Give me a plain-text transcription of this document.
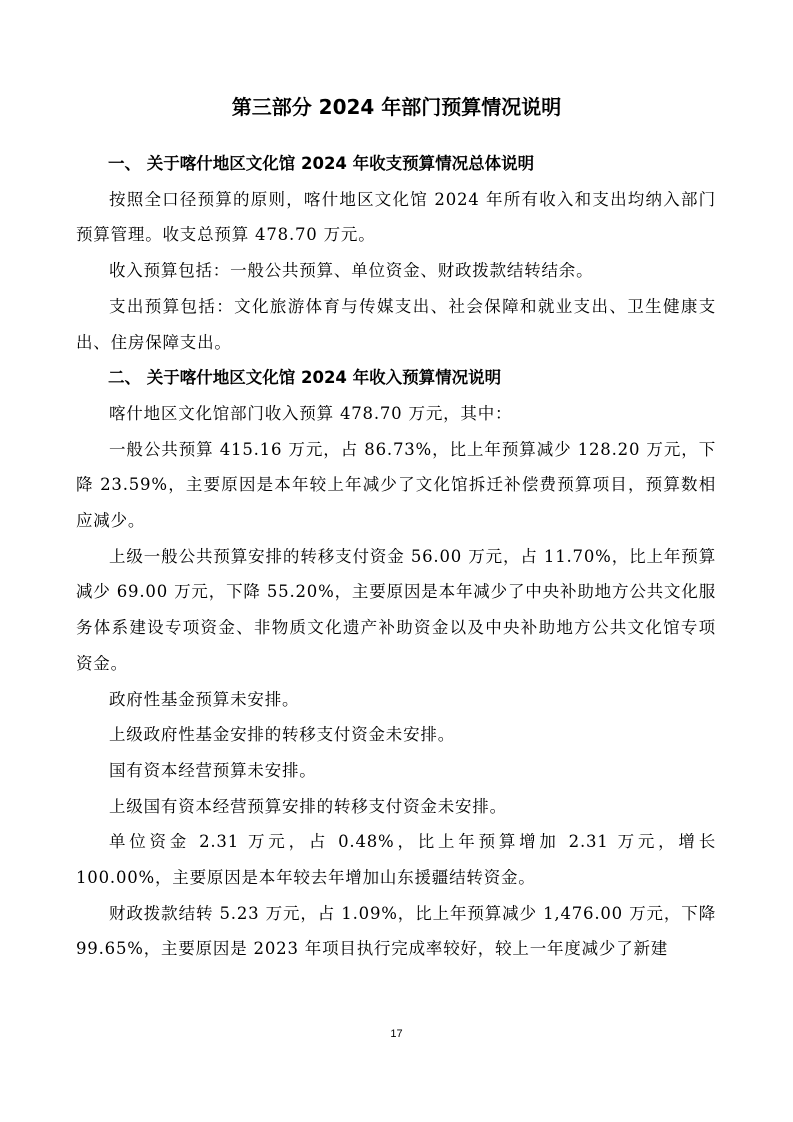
第三部分 2024 年部门预算情况说明

一、 关于喀什地区文化馆 2024 年收支预算情况总体说明

按照全口径预算的原则，喀什地区文化馆 2024 年所有收入和支出均纳入部门预算管理。收支总预算 478.70 万元。

收入预算包括：一般公共预算、单位资金、财政拨款结转结余。

支出预算包括：文化旅游体育与传媒支出、社会保障和就业支出、卫生健康支出、住房保障支出。

二、 关于喀什地区文化馆 2024 年收入预算情况说明

喀什地区文化馆部门收入预算 478.70 万元，其中：

一般公共预算 415.16 万元，占 86.73%，比上年预算减少 128.20 万元，下降 23.59%，主要原因是本年较上年减少了文化馆拆迁补偿费预算项目，预算数相应减少。

上级一般公共预算安排的转移支付资金 56.00 万元，占 11.70%，比上年预算减少 69.00 万元，下降 55.20%，主要原因是本年减少了中央补助地方公共文化服务体系建设专项资金、非物质文化遗产补助资金以及中央补助地方公共文化馆专项资金。

政府性基金预算未安排。

上级政府性基金安排的转移支付资金未安排。

国有资本经营预算未安排。

上级国有资本经营预算安排的转移支付资金未安排。

单位资金 2.31 万元，占 0.48%，比上年预算增加 2.31 万元，增长 100.00%，主要原因是本年较去年增加山东援疆结转资金。

财政拨款结转 5.23 万元，占 1.09%，比上年预算减少 1,476.00 万元，下降 99.65%，主要原因是 2023 年项目执行完成率较好，较上一年度减少了新建

17
